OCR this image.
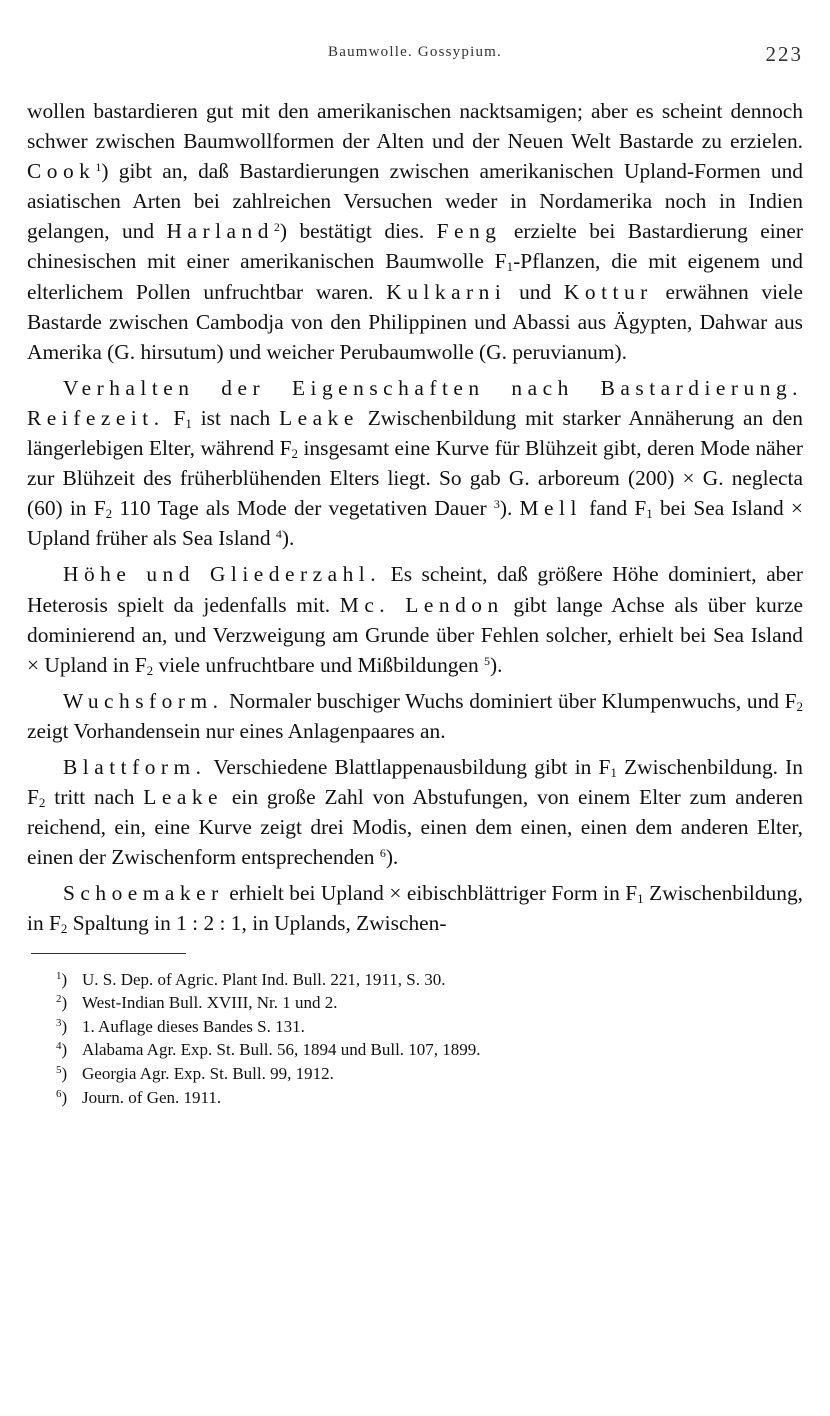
Baumwolle. Gossypium.	223

wollen bastardieren gut mit den amerikanischen nacktsamigen; aber es scheint dennoch schwer zwischen Baumwollformen der Alten und der Neuen Welt Bastarde zu erzielen. Cook$^1$) gibt an, daß Bastardierungen zwischen amerikanischen Upland-Formen und asiatischen Arten bei zahlreichen Versuchen weder in Nordamerika noch in Indien gelangen, und Harland$^2$) bestätigt dies. Feng erzielte bei Bastardierung einer chinesischen mit einer amerikanischen Baumwolle $F_1$-Pflanzen, die mit eigenem und elterlichem Pollen unfruchtbar waren. Kulkarni und Kottur erwähnen viele Bastarde zwischen Cambodja von den Philippinen und Abassi aus Ägypten, Dahwar aus Amerika (G. hirsutum) und weicher Perubaumwolle (G. peruvianum).

Verhalten der Eigenschaften nach Bastardierung. Reifezeit. $F_1$ ist nach Leake Zwischenbildung mit starker Annäherung an den längerlebigen Elter, während $F_2$ insgesamt eine Kurve für Blühzeit gibt, deren Mode näher zur Blühzeit des früherblühenden Elters liegt. So gab G. arboreum (200) × G. neglecta (60) in $F_2$ 110 Tage als Mode der vegetativen Dauer $^3$). Mell fand $F_1$ bei Sea Island × Upland früher als Sea Island $^4$).

Höhe und Gliederzahl. Es scheint, daß größere Höhe dominiert, aber Heterosis spielt da jedenfalls mit. Mc. Lendon gibt lange Achse als über kurze dominierend an, und Verzweigung am Grunde über Fehlen solcher, erhielt bei Sea Island × Upland in $F_2$ viele unfruchtbare und Mißbildungen $^5$).

Wuchsform. Normaler buschiger Wuchs dominiert über Klumpenwuchs, und $F_2$ zeigt Vorhandensein nur eines Anlagenpaares an.

Blattform. Verschiedene Blattlappenausbildung gibt in $F_1$ Zwischenbildung. In $F_2$ tritt nach Leake ein große Zahl von Abstufungen, von einem Elter zum anderen reichend, ein, eine Kurve zeigt drei Modis, einen dem einen, einen dem anderen Elter, einen der Zwischenform entsprechenden $^6$).

Schoemaker erhielt bei Upland × eibischblättriger Form in $F_1$ Zwischenbildung, in $F_2$ Spaltung in 1 : 2 : 1, in Uplands, Zwischen-

$^1$) U. S. Dep. of Agric. Plant Ind. Bull. 221, 1911, S. 30.
$^2$) West-Indian Bull. XVIII, Nr. 1 und 2.
$^3$) 1. Auflage dieses Bandes S. 131.
$^4$) Alabama Agr. Exp. St. Bull. 56, 1894 und Bull. 107, 1899.
$^5$) Georgia Agr. Exp. St. Bull. 99, 1912.
$^6$) Journ. of Gen. 1911.
